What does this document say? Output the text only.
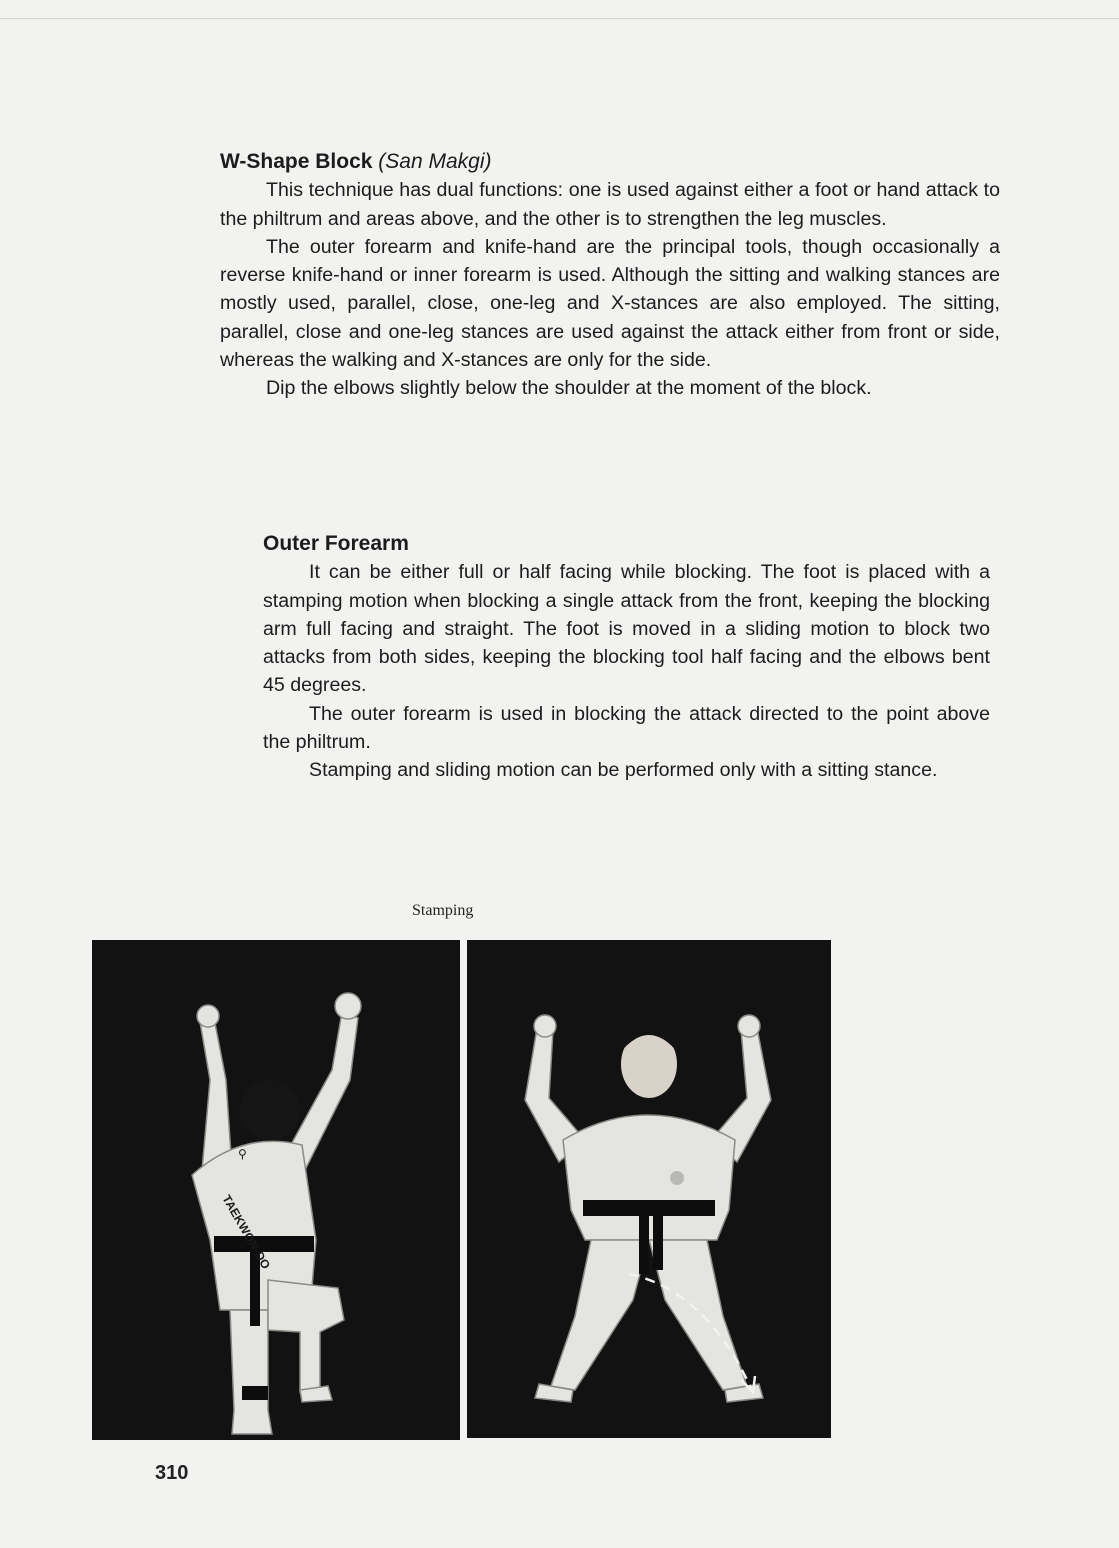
W-Shape Block (San Makgi)

This technique has dual functions: one is used against either a foot or hand attack to the philtrum and areas above, and the other is to strengthen the leg muscles.

The outer forearm and knife-hand are the principal tools, though occasionally a reverse knife-hand or inner forearm is used. Although the sitting and walking stances are mostly used, parallel, close, one-leg and X-stances are also employed. The sitting, parallel, close and one-leg stances are used against the attack either from front or side, whereas the walking and X-stances are only for the side.

Dip the elbows slightly below the shoulder at the moment of the block.

Outer Forearm

It can be either full or half facing while blocking. The foot is placed with a stamping motion when blocking a single attack from the front, keeping the blocking arm full facing and straight. The foot is moved in a sliding motion to block two attacks from both sides, keeping the blocking tool half facing and the elbows bent 45 degrees.

The outer forearm is used in blocking the attack directed to the point above the philtrum.

Stamping and sliding motion can be performed only with a sitting stance.

Stamping
TAEKWON-DO
⚲
310
